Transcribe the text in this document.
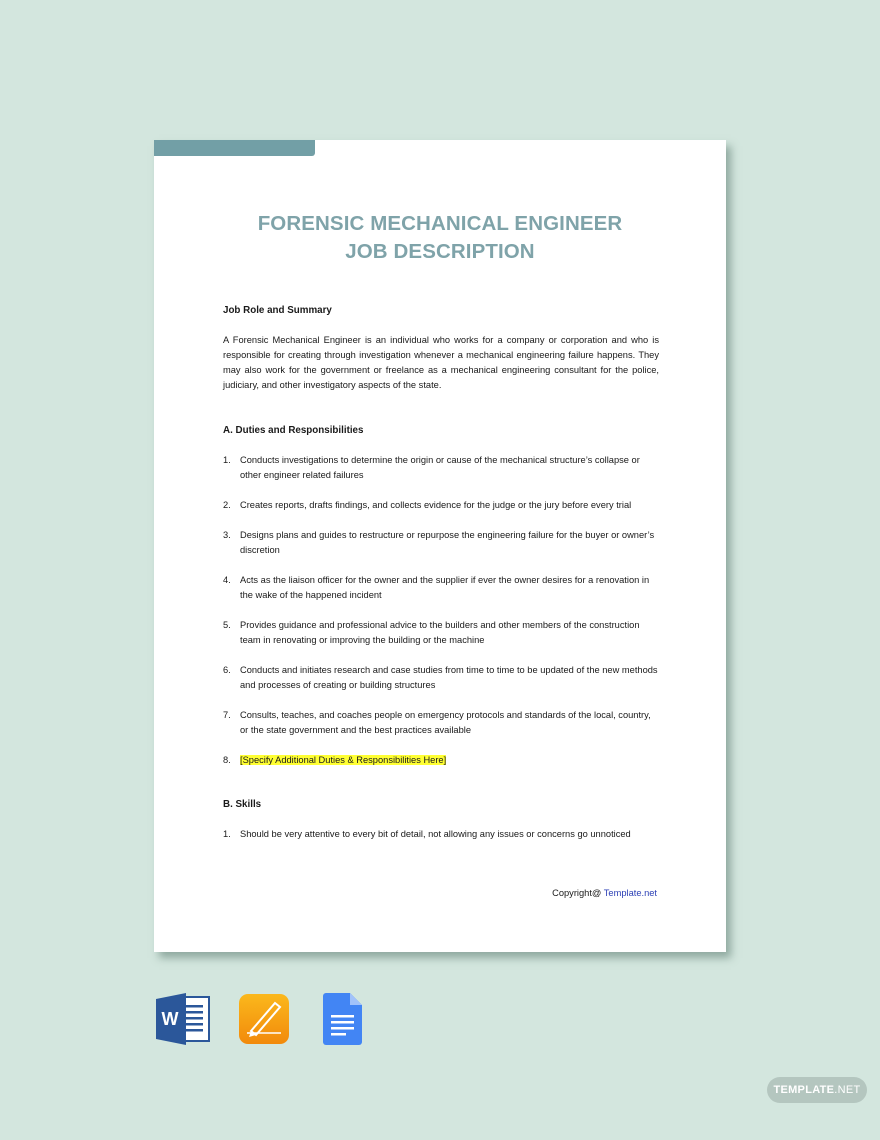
FORENSIC MECHANICAL ENGINEER
JOB DESCRIPTION
Job Role and Summary

A Forensic Mechanical Engineer is an individual who works for a company or corporation and who is responsible for creating through investigation whenever a mechanical engineering failure happens. They may also work for the government or freelance as a mechanical engineering consultant for the police, judiciary, and other investigatory aspects of the state.

A. Duties and Responsibilities
1. Conducts investigations to determine the origin or cause of the mechanical structure’s collapse or other engineer related failures
2. Creates reports, drafts findings, and collects evidence for the judge or the jury before every trial
3. Designs plans and guides to restructure or repurpose the engineering failure for the buyer or owner’s discretion
4. Acts as the liaison officer for the owner and the supplier if ever the owner desires for a renovation in the wake of the happened incident
5. Provides guidance and professional advice to the builders and other members of the construction team in renovating or improving the building or the machine
6. Conducts and initiates research and case studies from time to time to be updated of the new methods and processes of creating or building structures
7. Consults, teaches, and coaches people on emergency protocols and standards of the local, country, or the state government and the best practices available
8. [Specify Additional Duties & Responsibilities Here]
B. Skills
1. Should be very attentive to every bit of detail, not allowing any issues or concerns go unnoticed
Copyright@ Template.net
W
TEMPLATE.NET
